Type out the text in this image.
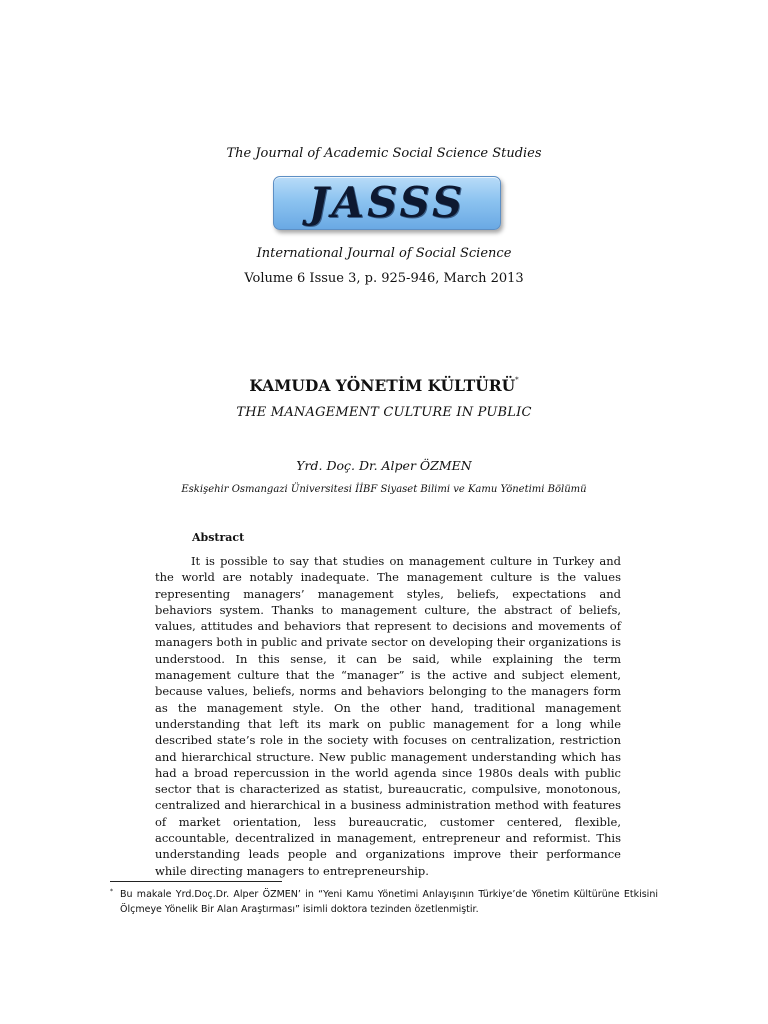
The Journal of Academic Social Science Studies
JASSS
International Journal of Social Science
Volume 6 Issue 3, p. 925-946, March 2013
KAMUDA YÖNETİM KÜLTÜRÜ*
THE MANAGEMENT CULTURE IN PUBLIC
Yrd. Doç. Dr. Alper ÖZMEN
Eskişehir Osmangazi Üniversitesi İİBF Siyaset Bilimi ve Kamu Yönetimi Bölümü
Abstract
It is possible to say that studies on management culture in Turkey and the world are notably inadequate. The management culture is the values representing managers’ management styles, beliefs, expectations and behaviors system. Thanks to management culture, the abstract of beliefs, values, attitudes and behaviors that represent to decisions and movements of managers both in public and private sector on developing their organizations is understood. In this sense, it can be said, while explaining the term management culture that the “manager” is the active and subject element, because values, beliefs, norms and behaviors belonging to the managers form as the management style. On the other hand, traditional management understanding that left its mark on public management for a long while described state’s role in the society with focuses on centralization, restriction and hierarchical structure. New public management understanding which has had a broad repercussion in the world agenda since 1980s deals with public sector that is characterized as statist, bureaucratic, compulsive, monotonous, centralized and hierarchical in a business administration method with features of market orientation, less bureaucratic, customer centered, flexible, accountable, decentralized in management, entrepreneur and reformist. This understanding leads people and organizations improve their performance while directing managers to entrepreneurship.
* Bu makale Yrd.Doç.Dr. Alper ÖZMEN’ in “Yeni Kamu Yönetimi Anlayışının Türkiye’de Yönetim Kültürüne Etkisini Ölçmeye Yönelik Bir Alan Araştırması” isimli doktora tezinden özetlenmiştir.
